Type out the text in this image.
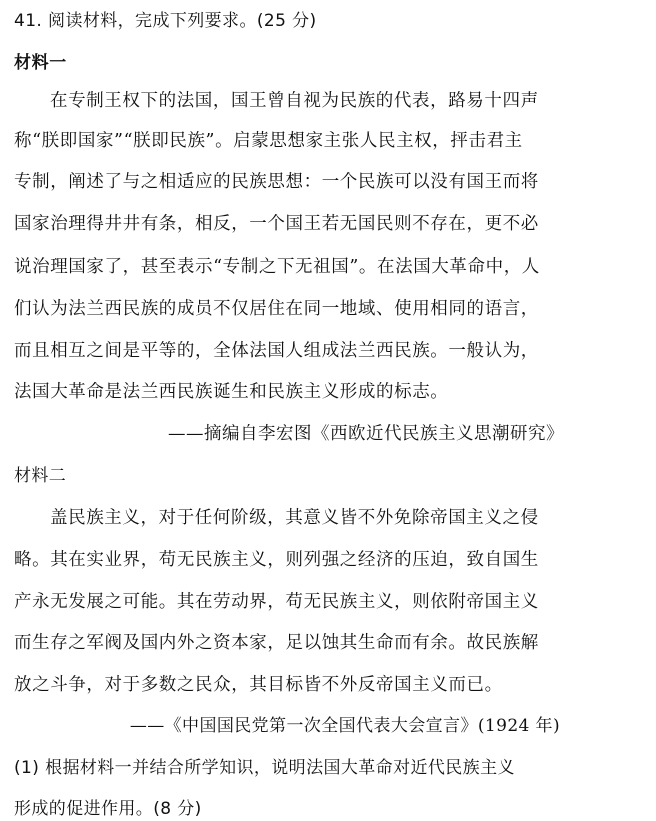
41. 阅读材料，完成下列要求。(25 分)
材料一
在专制王权下的法国，国王曾自视为民族的代表，路易十四声
称“朕即国家”“朕即民族”。启蒙思想家主张人民主权，抨击君主
专制，阐述了与之相适应的民族思想：一个民族可以没有国王而将
国家治理得井井有条，相反，一个国王若无国民则不存在，更不必
说治理国家了，甚至表示“专制之下无祖国”。在法国大革命中，人
们认为法兰西民族的成员不仅居住在同一地域、使用相同的语言，
而且相互之间是平等的，全体法国人组成法兰西民族。一般认为，
法国大革命是法兰西民族诞生和民族主义形成的标志。
——摘编自李宏图《西欧近代民族主义思潮研究》
材料二
盖民族主义，对于任何阶级，其意义皆不外免除帝国主义之侵
略。其在实业界，苟无民族主义，则列强之经济的压迫，致自国生
产永无发展之可能。其在劳动界，苟无民族主义，则依附帝国主义
而生存之军阀及国内外之资本家，足以蚀其生命而有余。故民族解
放之斗争，对于多数之民众，其目标皆不外反帝国主义而已。
——《中国国民党第一次全国代表大会宣言》(1924 年)
(1) 根据材料一并结合所学知识，说明法国大革命对近代民族主义
形成的促进作用。(8 分)
